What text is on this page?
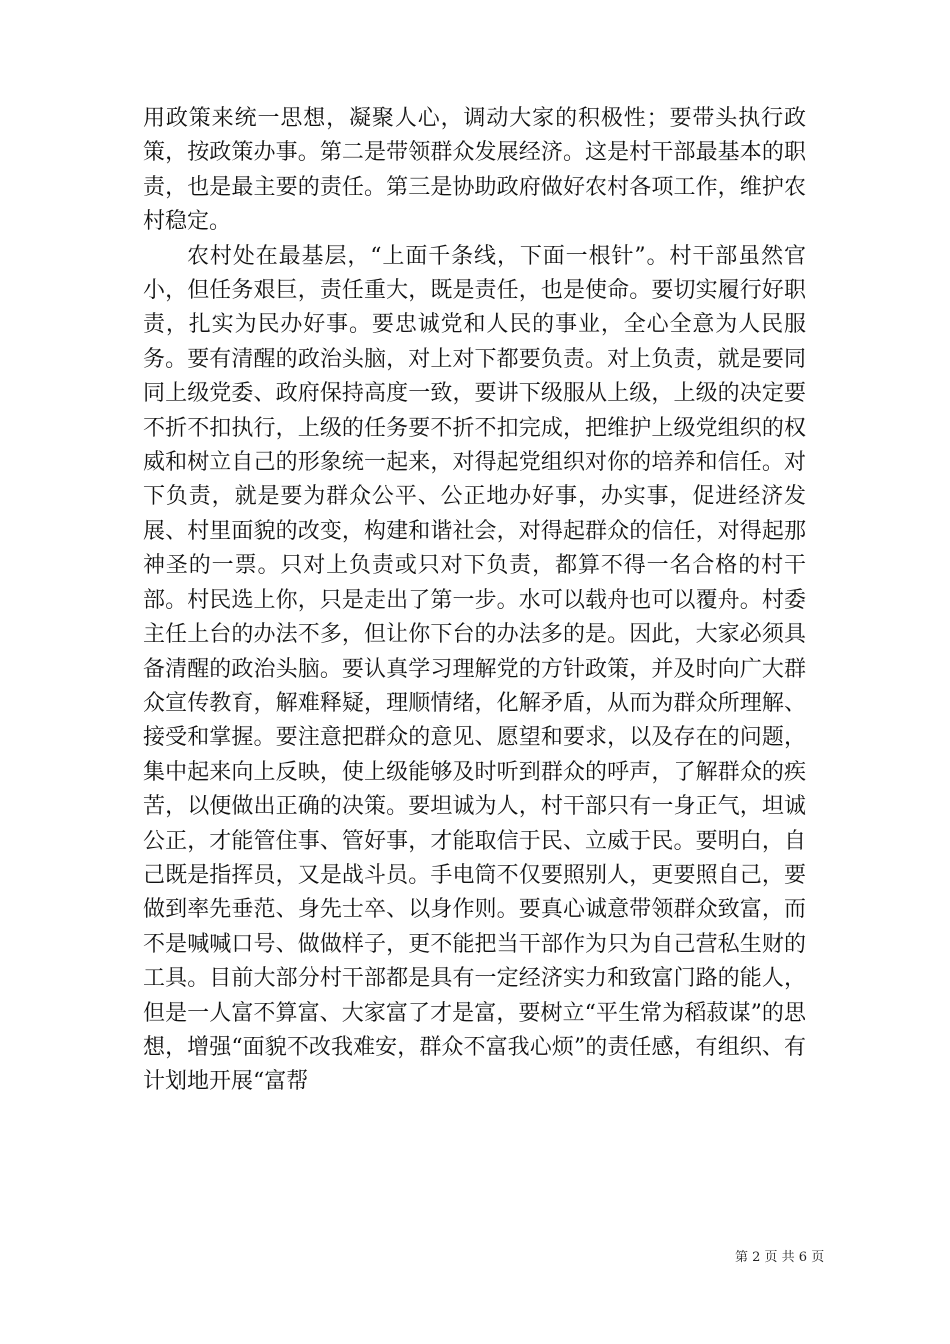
用政策来统一思想，凝聚人心，调动大家的积极性；要带头执行政策，按政策办事。第二是带领群众发展经济。这是村干部最基本的职责，也是最主要的责任。第三是协助政府做好农村各项工作，维护农村稳定。

农村处在最基层，“上面千条线，下面一根针”。村干部虽然官小，但任务艰巨，责任重大，既是责任，也是使命。要切实履行好职责，扎实为民办好事。要忠诚党和人民的事业，全心全意为人民服务。要有清醒的政治头脑，对上对下都要负责。对上负责，就是要同同上级党委、政府保持高度一致，要讲下级服从上级，上级的决定要不折不扣执行，上级的任务要不折不扣完成，把维护上级党组织的权威和树立自己的形象统一起来，对得起党组织对你的培养和信任。对下负责，就是要为群众公平、公正地办好事，办实事，促进经济发展、村里面貌的改变，构建和谐社会，对得起群众的信任，对得起那神圣的一票。只对上负责或只对下负责，都算不得一名合格的村干部。村民选上你，只是走出了第一步。水可以载舟也可以覆舟。村委主任上台的办法不多，但让你下台的办法多的是。因此，大家必须具备清醒的政治头脑。要认真学习理解党的方针政策，并及时向广大群众宣传教育，解难释疑，理顺情绪，化解矛盾，从而为群众所理解、接受和掌握。要注意把群众的意见、愿望和要求，以及存在的问题，集中起来向上反映，使上级能够及时听到群众的呼声，了解群众的疾苦，以便做出正确的决策。要坦诚为人，村干部只有一身正气，坦诚公正，才能管住事、管好事，才能取信于民、立威于民。要明白，自己既是指挥员，又是战斗员。手电筒不仅要照别人，更要照自己，要做到率先垂范、身先士卒、以身作则。要真心诚意带领群众致富，而不是喊喊口号、做做样子，更不能把当干部作为只为自己营私生财的工具。目前大部分村干部都是具有一定经济实力和致富门路的能人，但是一人富不算富、大家富了才是富，要树立“平生常为稻菽谋”的思想，增强“面貌不改我难安，群众不富我心烦”的责任感，有组织、有计划地开展“富帮

第 2 页 共 6 页
